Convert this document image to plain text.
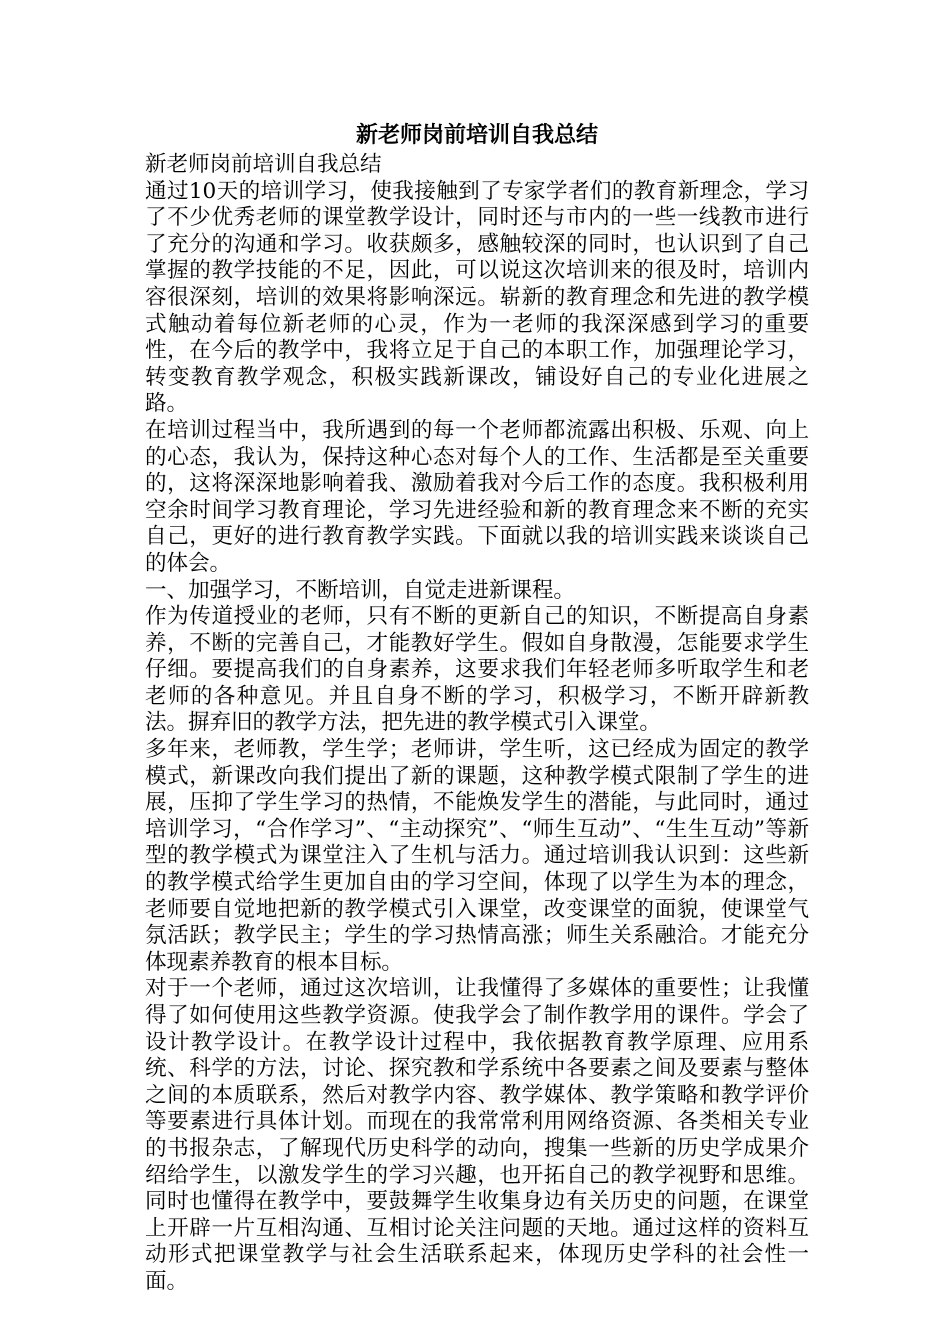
新老师岗前培训自我总结

新老师岗前培训自我总结

通过10天的培训学习，使我接触到了专家学者们的教育新理念，学习了不少优秀老师的课堂教学设计，同时还与市内的一些一线教市进行了充分的沟通和学习。收获颇多，感触较深的同时，也认识到了自己掌握的教学技能的不足，因此，可以说这次培训来的很及时，培训内容很深刻，培训的效果将影响深远。崭新的教育理念和先进的教学模式触动着每位新老师的心灵，作为一老师的我深深感到学习的重要性，在今后的教学中，我将立足于自己的本职工作，加强理论学习，转变教育教学观念，积极实践新课改，铺设好自己的专业化进展之路。

在培训过程当中，我所遇到的每一个老师都流露出积极、乐观、向上的心态，我认为，保持这种心态对每个人的工作、生活都是至关重要的，这将深深地影响着我、激励着我对今后工作的态度。我积极利用空余时间学习教育理论，学习先进经验和新的教育理念来不断的充实自己，更好的进行教育教学实践。下面就以我的培训实践来谈谈自己的体会。

一、加强学习，不断培训，自觉走进新课程。

作为传道授业的老师，只有不断的更新自己的知识，不断提高自身素养，不断的完善自己，才能教好学生。假如自身散漫，怎能要求学生仔细。要提高我们的自身素养，这要求我们年轻老师多听取学生和老老师的各种意见。并且自身不断的学习，积极学习，不断开辟新教法。摒弃旧的教学方法，把先进的教学模式引入课堂。

多年来，老师教，学生学；老师讲，学生听，这已经成为固定的教学模式，新课改向我们提出了新的课题，这种教学模式限制了学生的进展，压抑了学生学习的热情，不能焕发学生的潜能，与此同时，通过培训学习，“合作学习”、“主动探究”、“师生互动”、“生生互动”等新型的教学模式为课堂注入了生机与活力。通过培训我认识到：这些新的教学模式给学生更加自由的学习空间，体现了以学生为本的理念，老师要自觉地把新的教学模式引入课堂，改变课堂的面貌，使课堂气氛活跃；教学民主；学生的学习热情高涨；师生关系融洽。才能充分体现素养教育的根本目标。

对于一个老师，通过这次培训，让我懂得了多媒体的重要性；让我懂得了如何使用这些教学资源。使我学会了制作教学用的课件。学会了设计教学设计。在教学设计过程中，我依据教育教学原理、应用系统、科学的方法，讨论、探究教和学系统中各要素之间及要素与整体之间的本质联系，然后对教学内容、教学媒体、教学策略和教学评价等要素进行具体计划。而现在的我常常利用网络资源、各类相关专业的书报杂志，了解现代历史科学的动向，搜集一些新的历史学成果介绍给学生，以激发学生的学习兴趣，也开拓自己的教学视野和思维。同时也懂得在教学中，要鼓舞学生收集身边有关历史的问题，在课堂上开辟一片互相沟通、互相讨论关注问题的天地。通过这样的资料互动形式把课堂教学与社会生活联系起来，体现历史学科的社会性一面。
